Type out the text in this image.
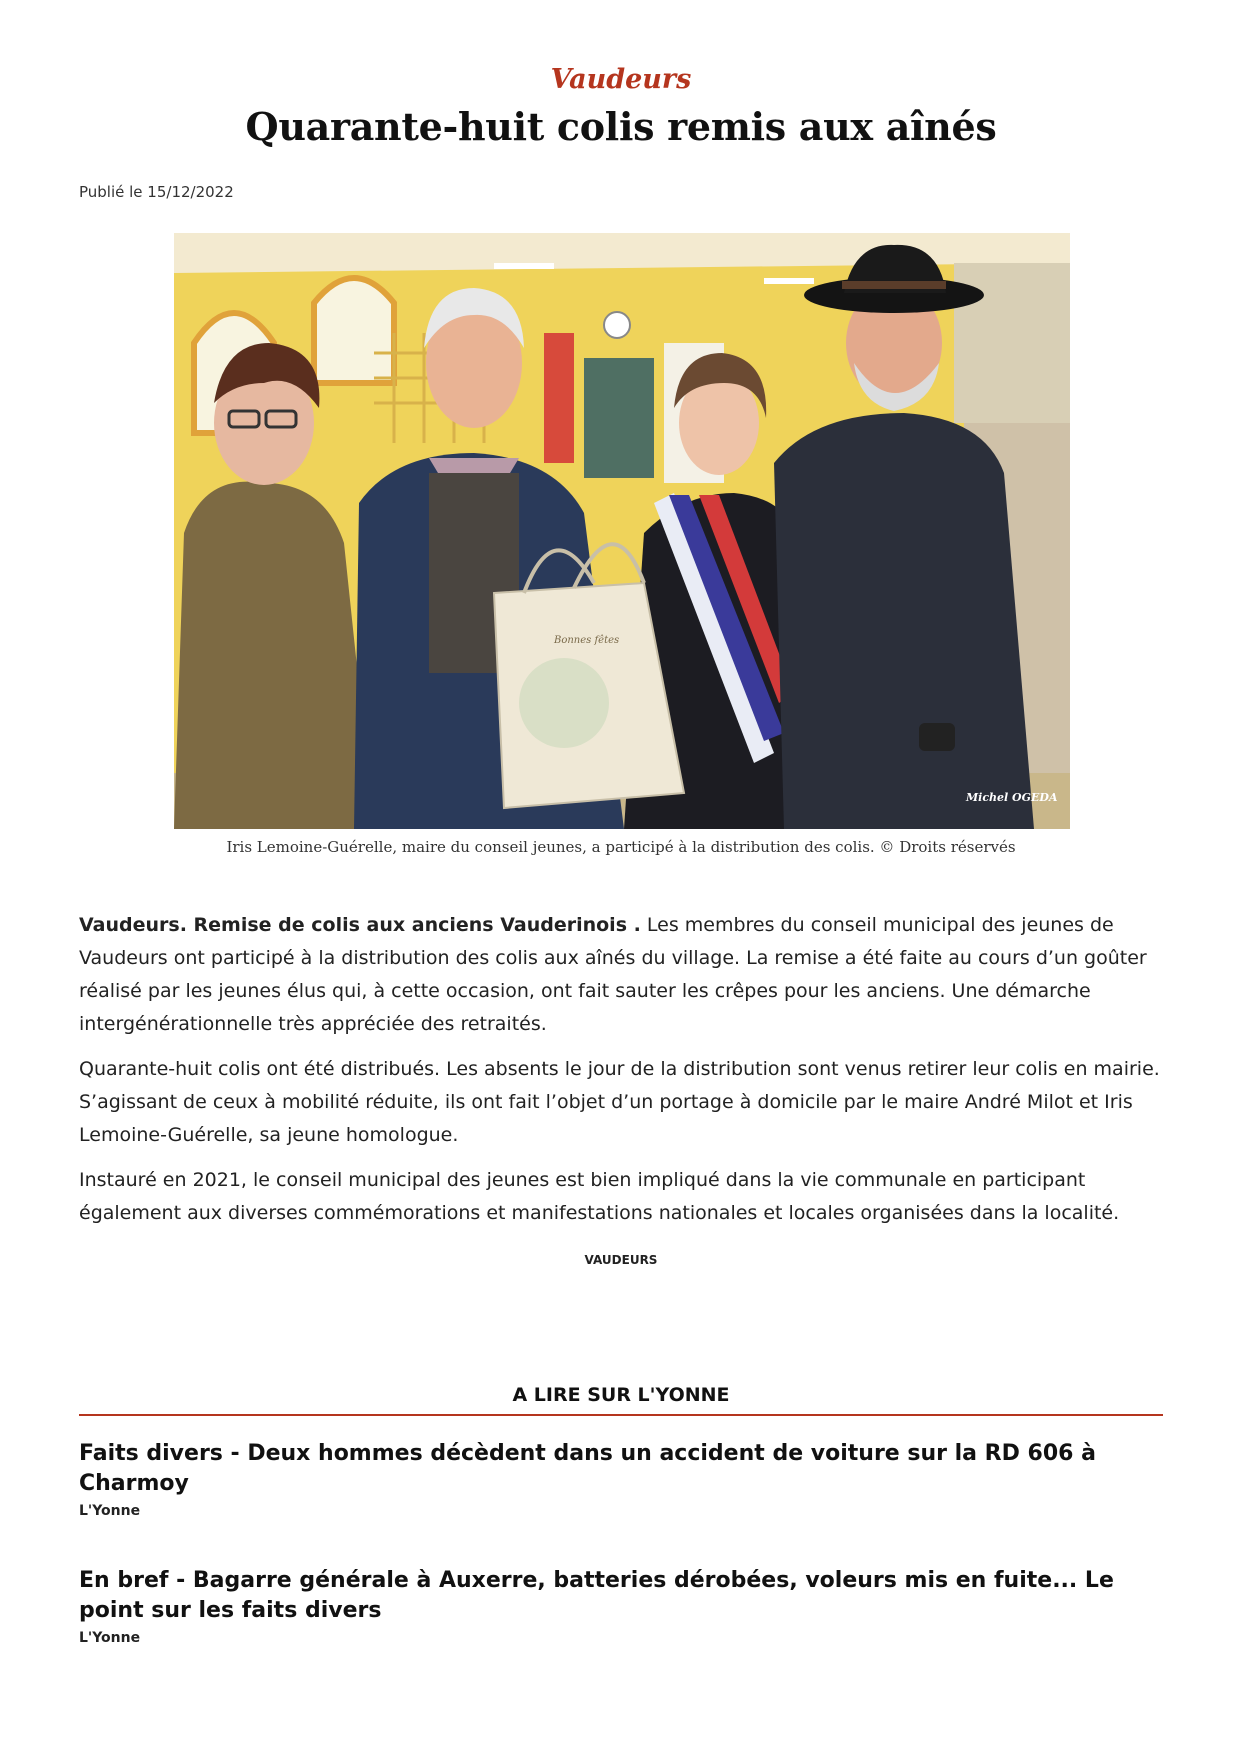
Vaudeurs
Quarante-huit colis remis aux aînés
Publié le 15/12/2022
Bonnes fêtes
Michel OGEDA
Iris Lemoine-Guérelle, maire du conseil jeunes, a participé à la distribution des colis. © Droits réservés

Vaudeurs. Remise de colis aux anciens Vauderinois . Les membres du conseil municipal des jeunes de Vaudeurs ont participé à la distribution des colis aux aînés du village. La remise a été faite au cours d’un goûter réalisé par les jeunes élus qui, à cette occasion, ont fait sauter les crêpes pour les anciens. Une démarche intergénérationnelle très appréciée des retraités.

Quarante-huit colis ont été distribués. Les absents le jour de la distribution sont venus retirer leur colis en mairie. S’agissant de ceux à mobilité réduite, ils ont fait l’objet d’un portage à domicile par le maire André Milot et Iris Lemoine-Guérelle, sa jeune homologue.

Instauré en 2021, le conseil municipal des jeunes est bien impliqué dans la vie communale en participant également aux diverses commémorations et manifestations nationales et locales organisées dans la localité.

VAUDEURS
A LIRE SUR L'YONNE
Faits divers - Deux hommes décèdent dans un accident de voiture sur la RD 606 à Charmoy
L'Yonne
En bref - Bagarre générale à Auxerre, batteries dérobées, voleurs mis en fuite... Le point sur les faits divers
L'Yonne
